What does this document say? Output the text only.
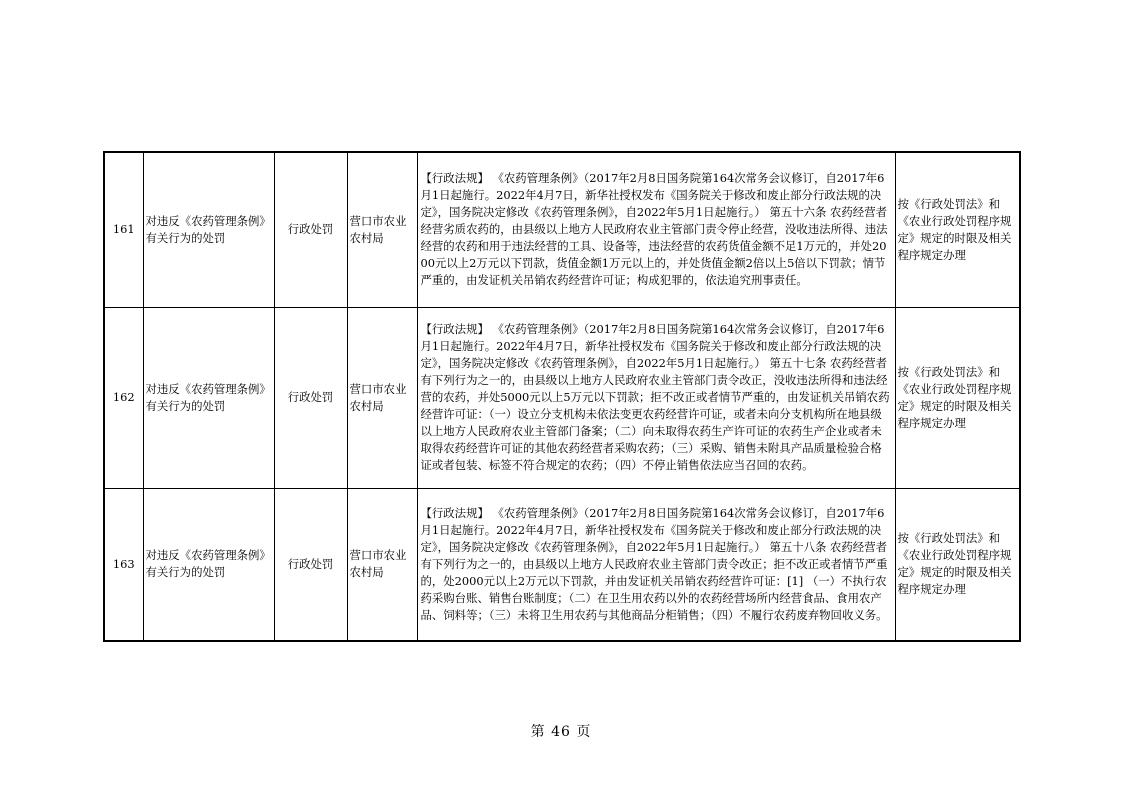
161	对违反《农药管理条例》有关行为的处罚	行政处罚	营口市农业农村局	【行政法规】 《农药管理条例》（2017年2月8日国务院第164次常务会议修订，自2017年6月1日起施行。2022年4月7日，新华社授权发布《国务院关于修改和废止部分行政法规的决定》，国务院决定修改《农药管理条例》，自2022年5月1日起施行。） 第五十六条 农药经营者经营劣质农药的，由县级以上地方人民政府农业主管部门责令停止经营，没收违法所得、违法经营的农药和用于违法经营的工具、设备等，违法经营的农药货值金额不足1万元的，并处2000元以上2万元以下罚款，货值金额1万元以上的，并处货值金额2倍以上5倍以下罚款；情节严重的，由发证机关吊销农药经营许可证；构成犯罪的，依法追究刑事责任。	按《行政处罚法》和《农业行政处罚程序规定》规定的时限及相关程序规定办理
162	对违反《农药管理条例》有关行为的处罚	行政处罚	营口市农业农村局	【行政法规】 《农药管理条例》（2017年2月8日国务院第164次常务会议修订，自2017年6月1日起施行。2022年4月7日，新华社授权发布《国务院关于修改和废止部分行政法规的决定》，国务院决定修改《农药管理条例》，自2022年5月1日起施行。） 第五十七条 农药经营者有下列行为之一的，由县级以上地方人民政府农业主管部门责令改正，没收违法所得和违法经营的农药，并处5000元以上5万元以下罚款；拒不改正或者情节严重的，由发证机关吊销农药经营许可证：（一）设立分支机构未依法变更农药经营许可证，或者未向分支机构所在地县级以上地方人民政府农业主管部门备案；（二）向未取得农药生产许可证的农药生产企业或者未取得农药经营许可证的其他农药经营者采购农药；（三）采购、销售未附具产品质量检验合格证或者包装、标签不符合规定的农药；（四）不停止销售依法应当召回的农药。	按《行政处罚法》和《农业行政处罚程序规定》规定的时限及相关程序规定办理
163	对违反《农药管理条例》有关行为的处罚	行政处罚	营口市农业农村局	【行政法规】 《农药管理条例》（2017年2月8日国务院第164次常务会议修订，自2017年6月1日起施行。2022年4月7日，新华社授权发布《国务院关于修改和废止部分行政法规的决定》，国务院决定修改《农药管理条例》，自2022年5月1日起施行。） 第五十八条 农药经营者有下列行为之一的，由县级以上地方人民政府农业主管部门责令改正；拒不改正或者情节严重的，处2000元以上2万元以下罚款，并由发证机关吊销农药经营许可证：[1] （一）不执行农药采购台账、销售台账制度；（二）在卫生用农药以外的农药经营场所内经营食品、食用农产品、饲料等；（三）未将卫生用农药与其他商品分柜销售；（四）不履行农药废弃物回收义务。	按《行政处罚法》和《农业行政处罚程序规定》规定的时限及相关程序规定办理
第 46 页
